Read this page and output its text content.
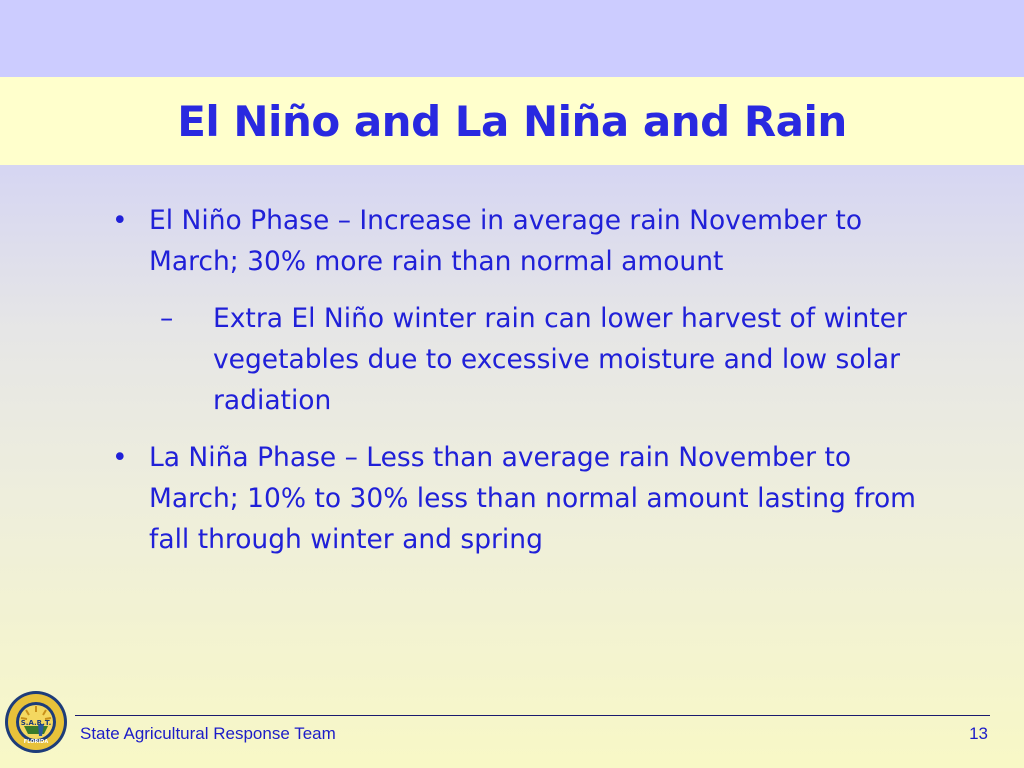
El Niño and La Niña and Rain
• El Niño Phase – Increase in average rain November to March; 30% more rain than normal amount
– Extra El Niño winter rain can lower harvest of winter vegetables due to excessive moisture and low solar radiation
• La Niña Phase – Less than average rain November to March; 10% to 30% less than normal amount lasting from fall through winter and spring
S.A.R.T.
FLORIDA State Agricultural Response Team	13
